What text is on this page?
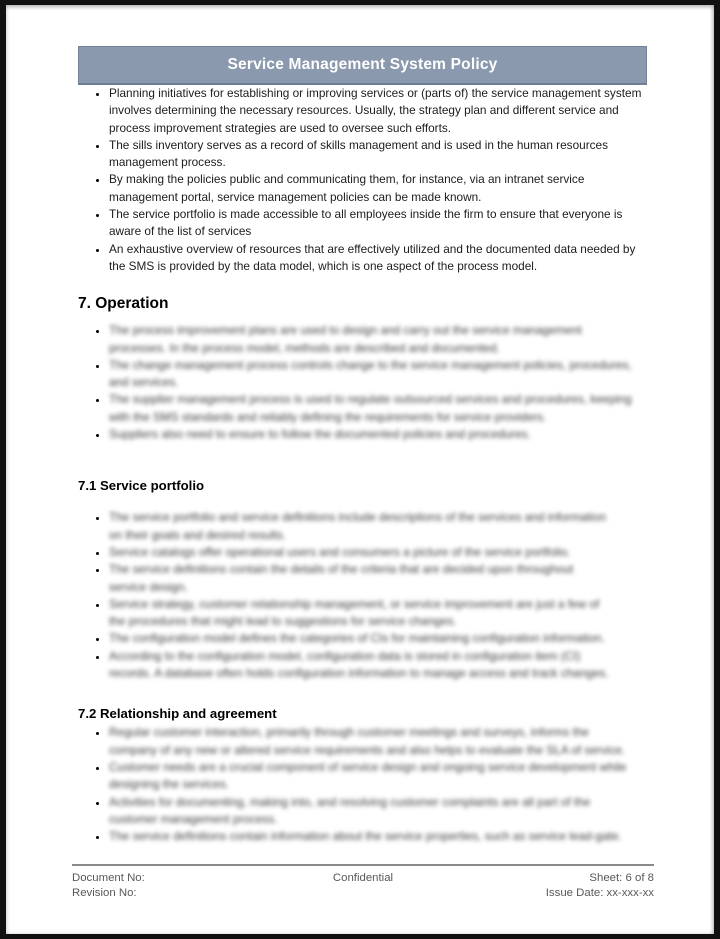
Service Management System Policy
• Planning initiatives for establishing or improving services or (parts of) the service management system involves determining the necessary resources. Usually, the strategy plan and different service and process improvement strategies are used to oversee such efforts.
• The sills inventory serves as a record of skills management and is used in the human resources management process.
• By making the policies public and communicating them, for instance, via an intranet service management portal, service management policies can be made known.
• The service portfolio is made accessible to all employees inside the firm to ensure that everyone is aware of the list of services
• An exhaustive overview of resources that are effectively utilized and the documented data needed by the SMS is provided by the data model, which is one aspect of the process model.
7. Operation
• The process improvement plans are used to design and carry out the service management
processes. In the process model, methods are described and documented.
• The change management process controls change to the service management policies, procedures,
and services.
• The supplier management process is used to regulate outsourced services and procedures, keeping
with the SMS standards and reliably defining the requirements for service providers.
• Suppliers also need to ensure to follow the documented policies and procedures.
7.1 Service portfolio
• The service portfolio and service definitions include descriptions of the services and information
on their goals and desired results.
• Service catalogs offer operational users and consumers a picture of the service portfolio.
• The service definitions contain the details of the criteria that are decided upon throughout
service design.
• Service strategy, customer relationship management, or service improvement are just a few of
the procedures that might lead to suggestions for service changes.
• The configuration model defines the categories of CIs for maintaining configuration information.
• According to the configuration model, configuration data is stored in configuration item (CI)
records. A database often holds configuration information to manage access and track changes.
7.2 Relationship and agreement
• Regular customer interaction, primarily through customer meetings and surveys, informs the
company of any new or altered service requirements and also helps to evaluate the SLA of service.
• Customer needs are a crucial component of service design and ongoing service development while
designing the services.
• Activities for documenting, making into, and resolving customer complaints are all part of the
customer management process.
• The service definitions contain information about the service properties, such as service lead-gate.
Document No:
Revision No:
Confidential	Sheet: 6 of 8
Issue Date: xx-xxx-xx
